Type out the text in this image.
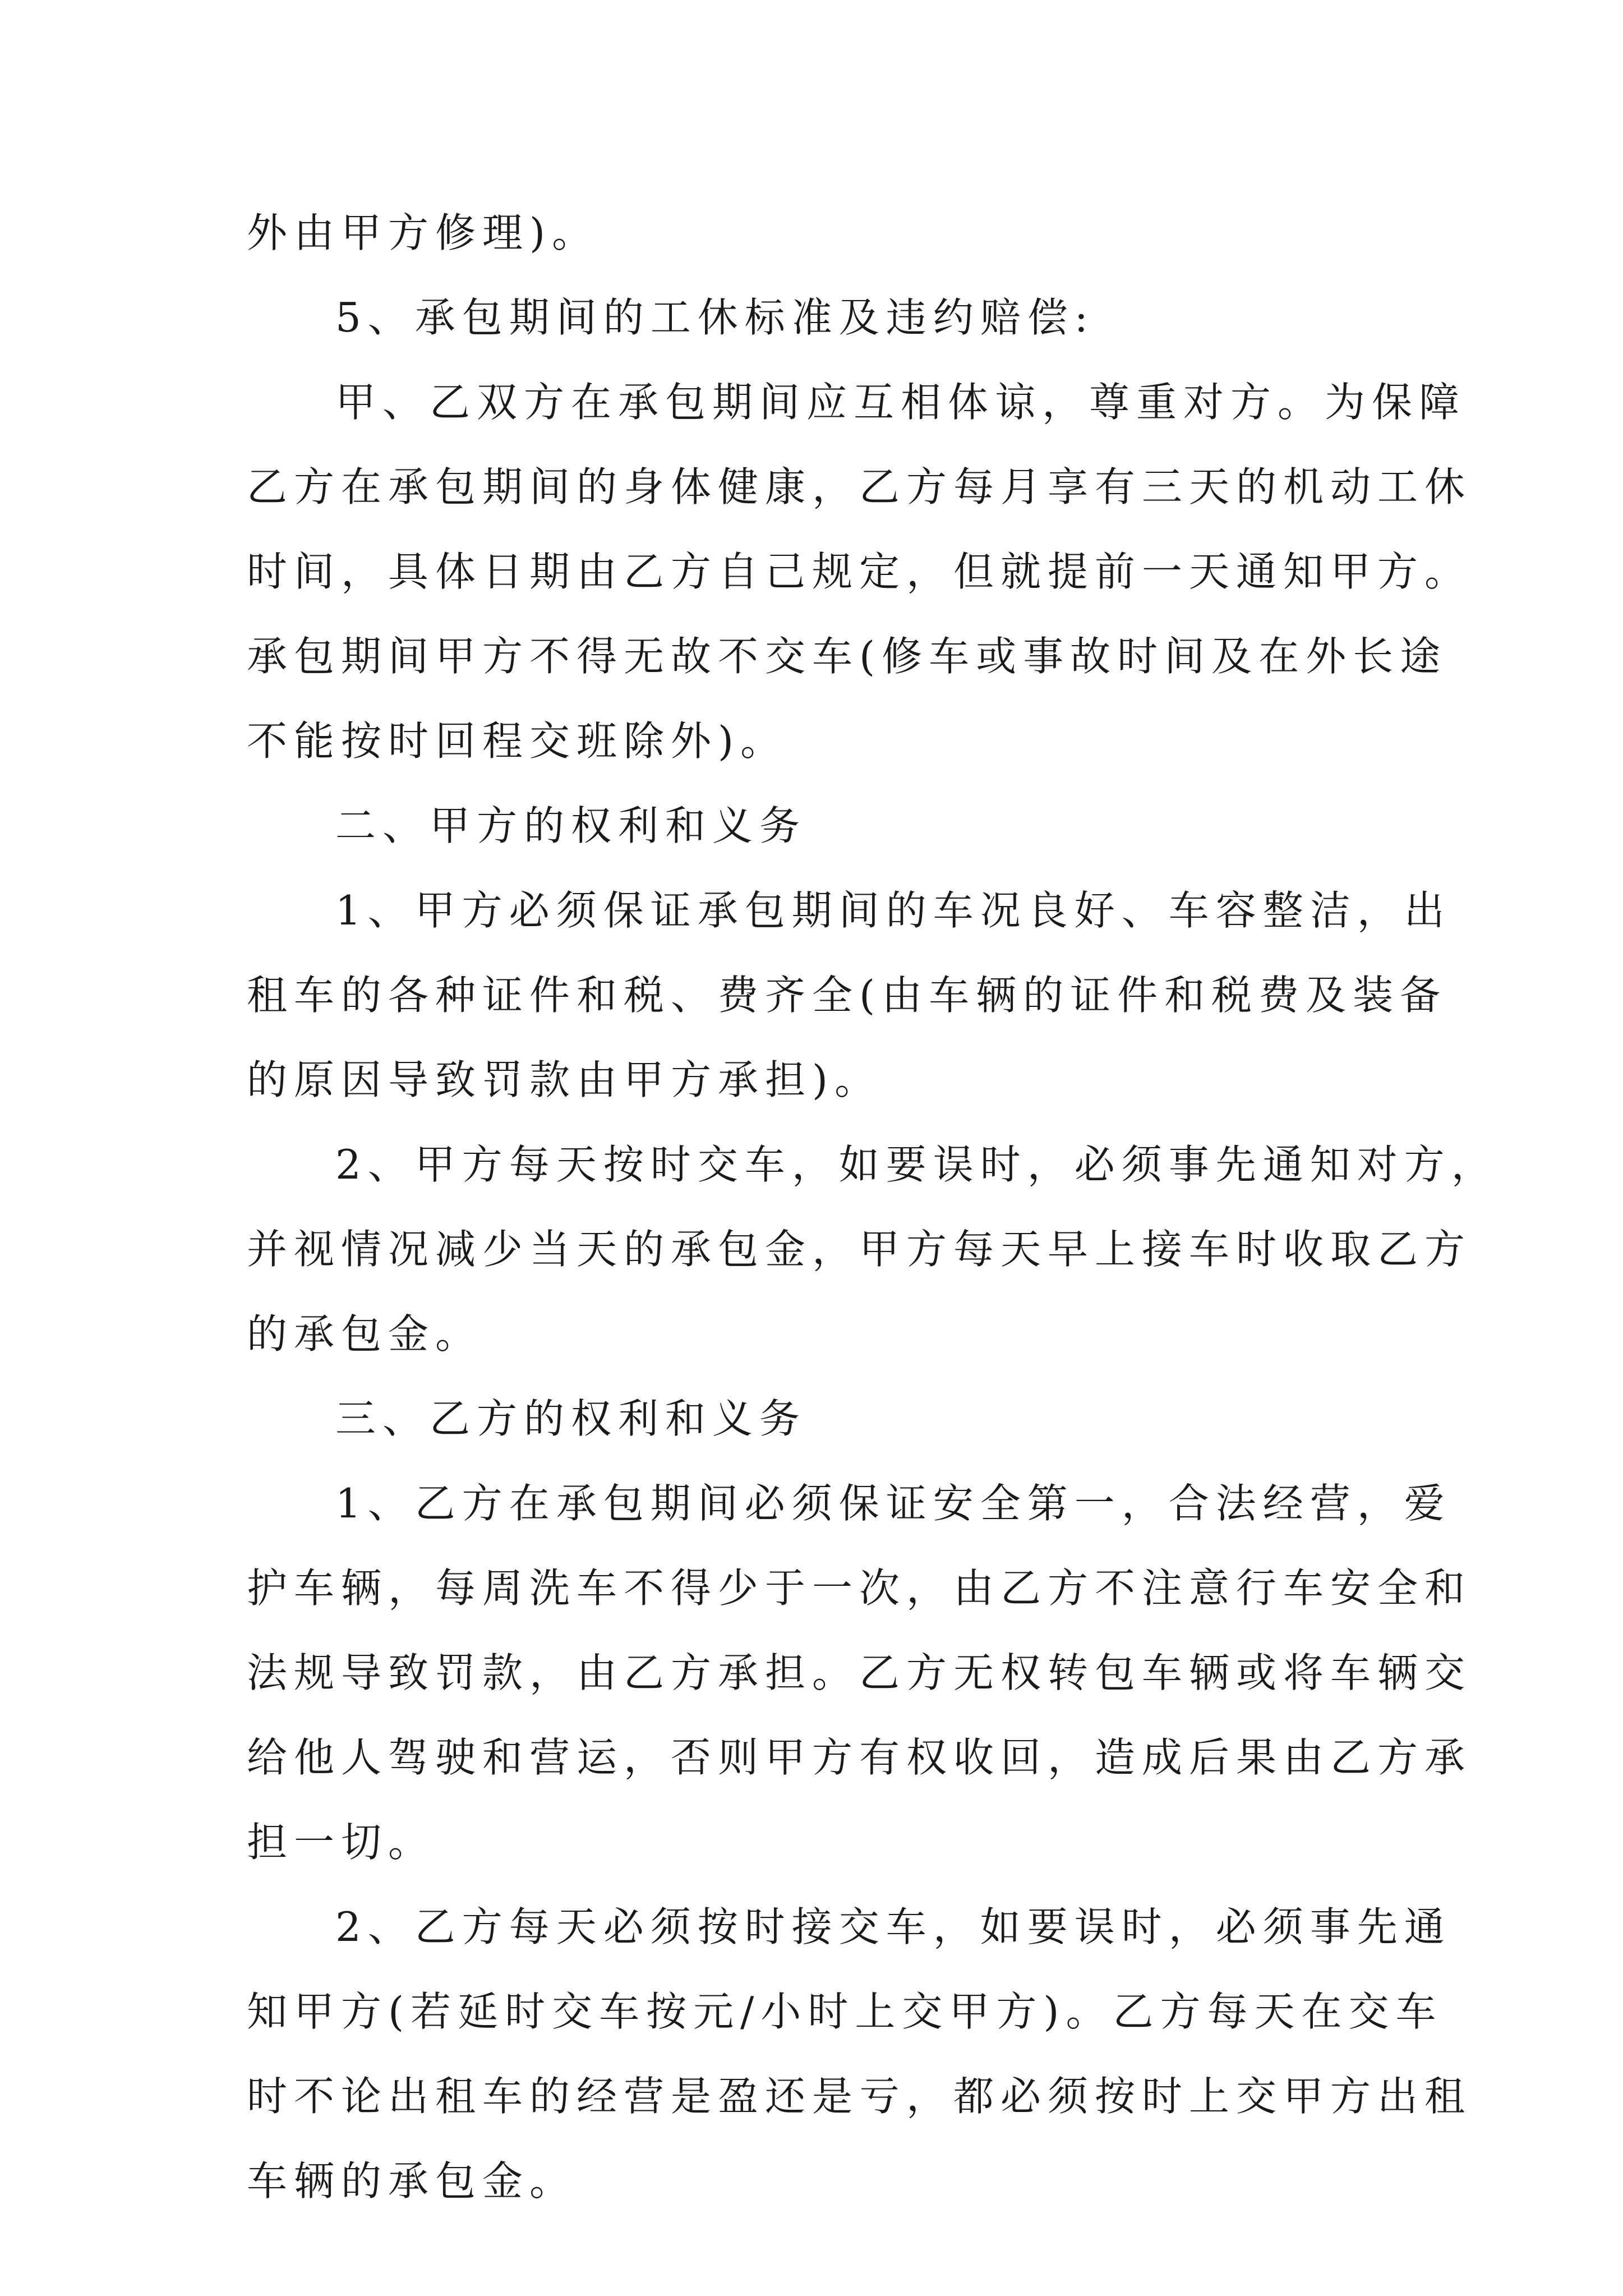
外由甲方修理)。
5、承包期间的工休标准及违约赔偿:
甲、乙双方在承包期间应互相体谅，尊重对方。为保障
乙方在承包期间的身体健康，乙方每月享有三天的机动工休
时间，具体日期由乙方自己规定，但就提前一天通知甲方。
承包期间甲方不得无故不交车(修车或事故时间及在外长途
不能按时回程交班除外)。
二、甲方的权利和义务
1、甲方必须保证承包期间的车况良好、车容整洁，出
租车的各种证件和税、费齐全(由车辆的证件和税费及装备
的原因导致罚款由甲方承担)。
2、甲方每天按时交车，如要误时，必须事先通知对方，
并视情况减少当天的承包金，甲方每天早上接车时收取乙方
的承包金。
三、乙方的权利和义务
1、乙方在承包期间必须保证安全第一，合法经营，爱
护车辆，每周洗车不得少于一次，由乙方不注意行车安全和
法规导致罚款，由乙方承担。乙方无权转包车辆或将车辆交
给他人驾驶和营运，否则甲方有权收回，造成后果由乙方承
担一切。
2、乙方每天必须按时接交车，如要误时，必须事先通
知甲方(若延时交车按元/小时上交甲方)。乙方每天在交车
时不论出租车的经营是盈还是亏，都必须按时上交甲方出租
车辆的承包金。
